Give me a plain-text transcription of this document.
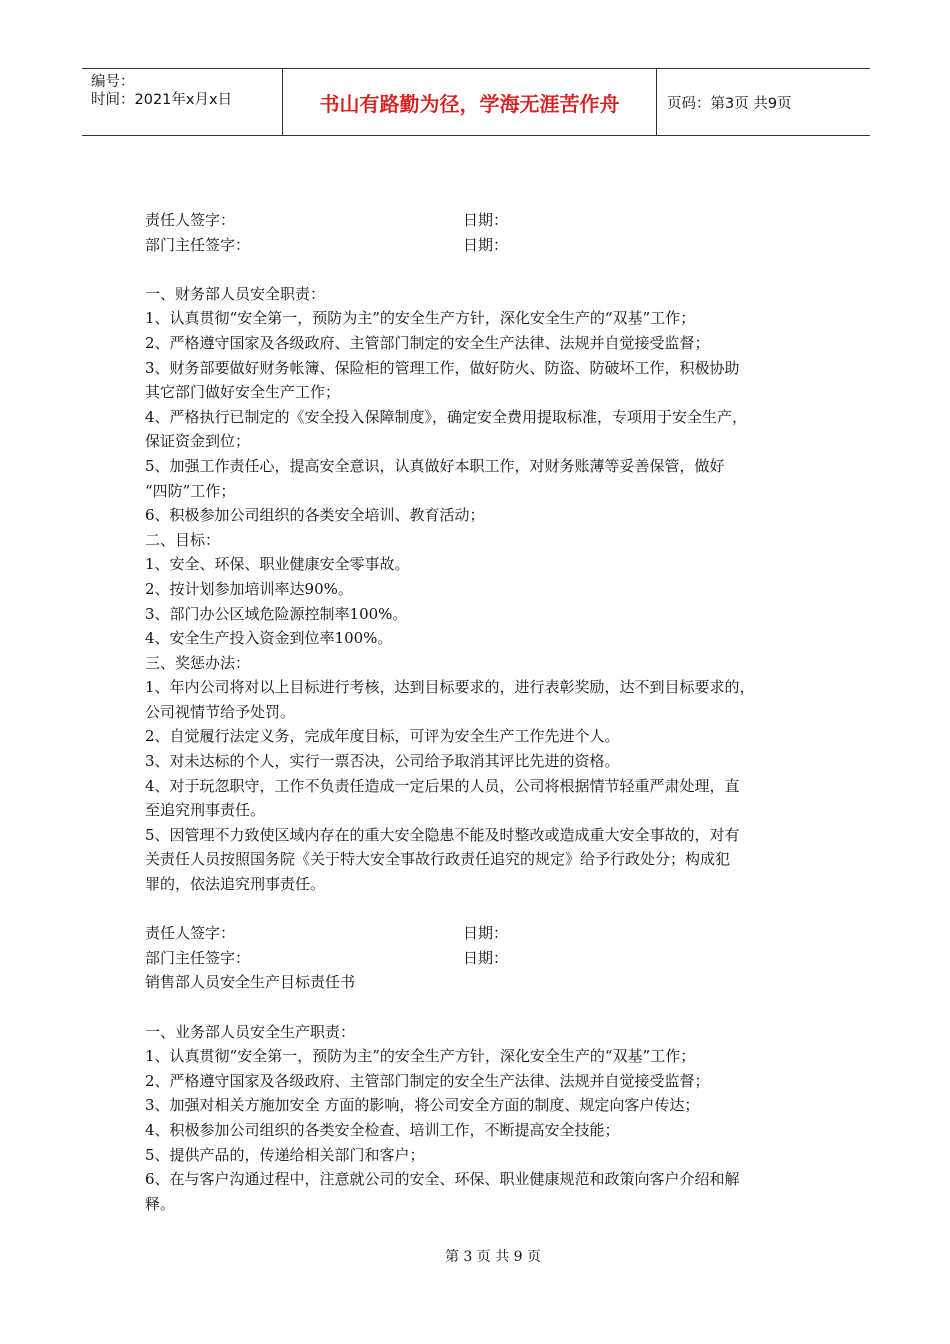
编号：
时间：2021年x月x日	书山有路勤为径，学海无涯苦作舟	页码：第3页 共9页
责任人签字：	日期：
部门主任签字：	日期：
一、财务部人员安全职责：
1、认真贯彻“安全第一，预防为主”的安全生产方针，深化安全生产的“双基”工作；
2、严格遵守国家及各级政府、主管部门制定的安全生产法律、法规并自觉接受监督；
3、财务部要做好财务帐簿、保险柜的管理工作，做好防火、防盗、防破坏工作，积极协助
其它部门做好安全生产工作；
4、严格执行已制定的《安全投入保障制度》，确定安全费用提取标准，专项用于安全生产，
保证资金到位；
5、加强工作责任心，提高安全意识，认真做好本职工作，对财务账薄等妥善保管，做好
“四防”工作；
6、积极参加公司组织的各类安全培训、教育活动；
二、目标：
1、安全、环保、职业健康安全零事故。
2、按计划参加培训率达90%。
3、部门办公区域危险源控制率100%。
4、安全生产投入资金到位率100%。
三、奖惩办法：
1、年内公司将对以上目标进行考核，达到目标要求的，进行表彰奖励，达不到目标要求的，
公司视情节给予处罚。
2、自觉履行法定义务，完成年度目标，可评为安全生产工作先进个人。
3、对未达标的个人，实行一票否决，公司给予取消其评比先进的资格。
4、对于玩忽职守，工作不负责任造成一定后果的人员，公司将根据情节轻重严肃处理，直
至追究刑事责任。
5、因管理不力致使区域内存在的重大安全隐患不能及时整改或造成重大安全事故的，对有
关责任人员按照国务院《关于特大安全事故行政责任追究的规定》给予行政处分；构成犯
罪的，依法追究刑事责任。
责任人签字：	日期：
部门主任签字：	日期：
销售部人员安全生产目标责任书
一、业务部人员安全生产职责：
1、认真贯彻“安全第一，预防为主”的安全生产方针，深化安全生产的“双基”工作；
2、严格遵守国家及各级政府、主管部门制定的安全生产法律、法规并自觉接受监督；
3、加强对相关方施加安全 方面的影响，将公司安全方面的制度、规定向客户传达；
4、积极参加公司组织的各类安全检查、培训工作，不断提高安全技能；
5、提供产品的，传递给相关部门和客户；
6、在与客户沟通过程中，注意就公司的安全、环保、职业健康规范和政策向客户介绍和解
释。
第 3 页 共 9 页
